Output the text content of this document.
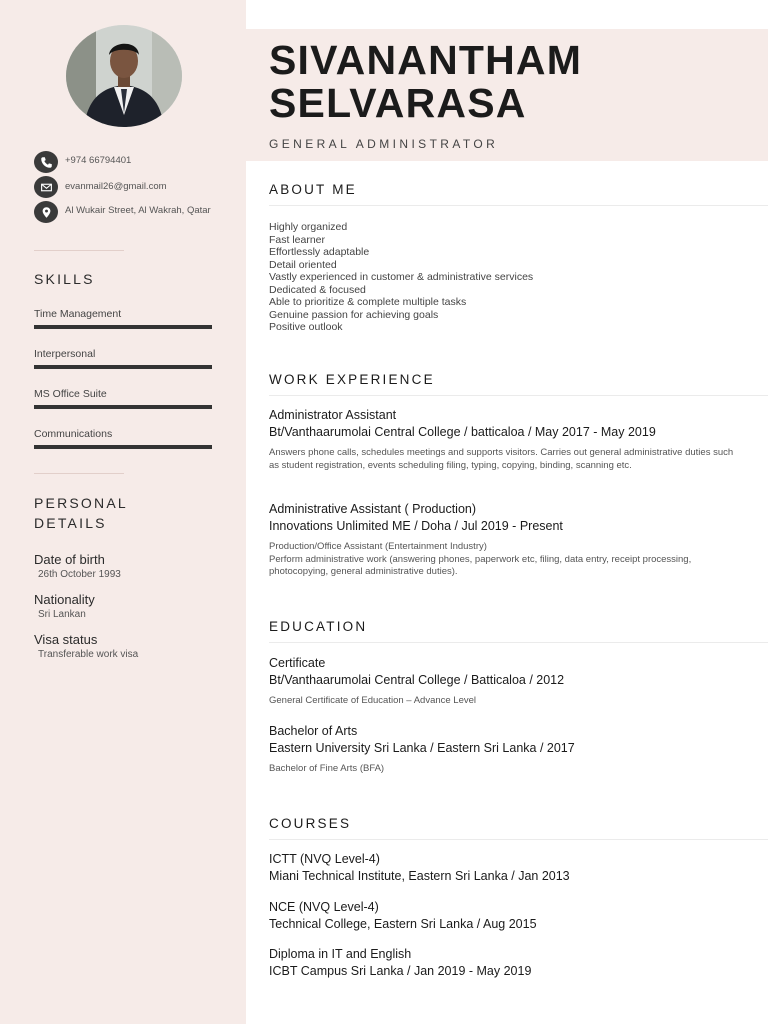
+974 66794401
evanmail26@gmail.com
Al Wukair Street, Al Wakrah, Qatar
SKILLS
Time Management
Interpersonal
MS Office Suite
Communications
PERSONAL DETAILS
Date of birth
26th October 1993
Nationality
Sri Lankan
Visa status
Transferable work visa
SIVANANTHAM
SELVARASA
GENERAL ADMINISTRATOR
ABOUT ME
Highly organized
Fast learner
Effortlessly adaptable
Detail oriented
Vastly experienced in customer & administrative services
Dedicated & focused
Able to prioritize & complete multiple tasks
Genuine passion for achieving goals
Positive outlook
WORK EXPERIENCE
Administrator Assistant
Bt/Vanthaarumolai Central College / batticaloa / May 2017 - May 2019
Answers phone calls, schedules meetings and supports visitors. Carries out general administrative duties such as student registration, events scheduling filing, typing, copying, binding, scanning etc.
Administrative Assistant ( Production)
Innovations Unlimited ME / Doha / Jul 2019 - Present
Production/Office Assistant (Entertainment Industry)
Perform administrative work (answering phones, paperwork etc, filing, data entry, receipt processing, photocopying, general administrative duties).
EDUCATION
Certificate
Bt/Vanthaarumolai Central College / Batticaloa / 2012
General Certificate of Education – Advance Level
Bachelor of Arts
Eastern University Sri Lanka / Eastern Sri Lanka / 2017
Bachelor of Fine Arts (BFA)
COURSES
ICTT (NVQ Level-4)
Miani Technical Institute, Eastern Sri Lanka / Jan 2013
NCE (NVQ Level-4)
Technical College, Eastern Sri Lanka / Aug 2015
Diploma in IT and English
ICBT Campus Sri Lanka / Jan 2019 - May 2019
